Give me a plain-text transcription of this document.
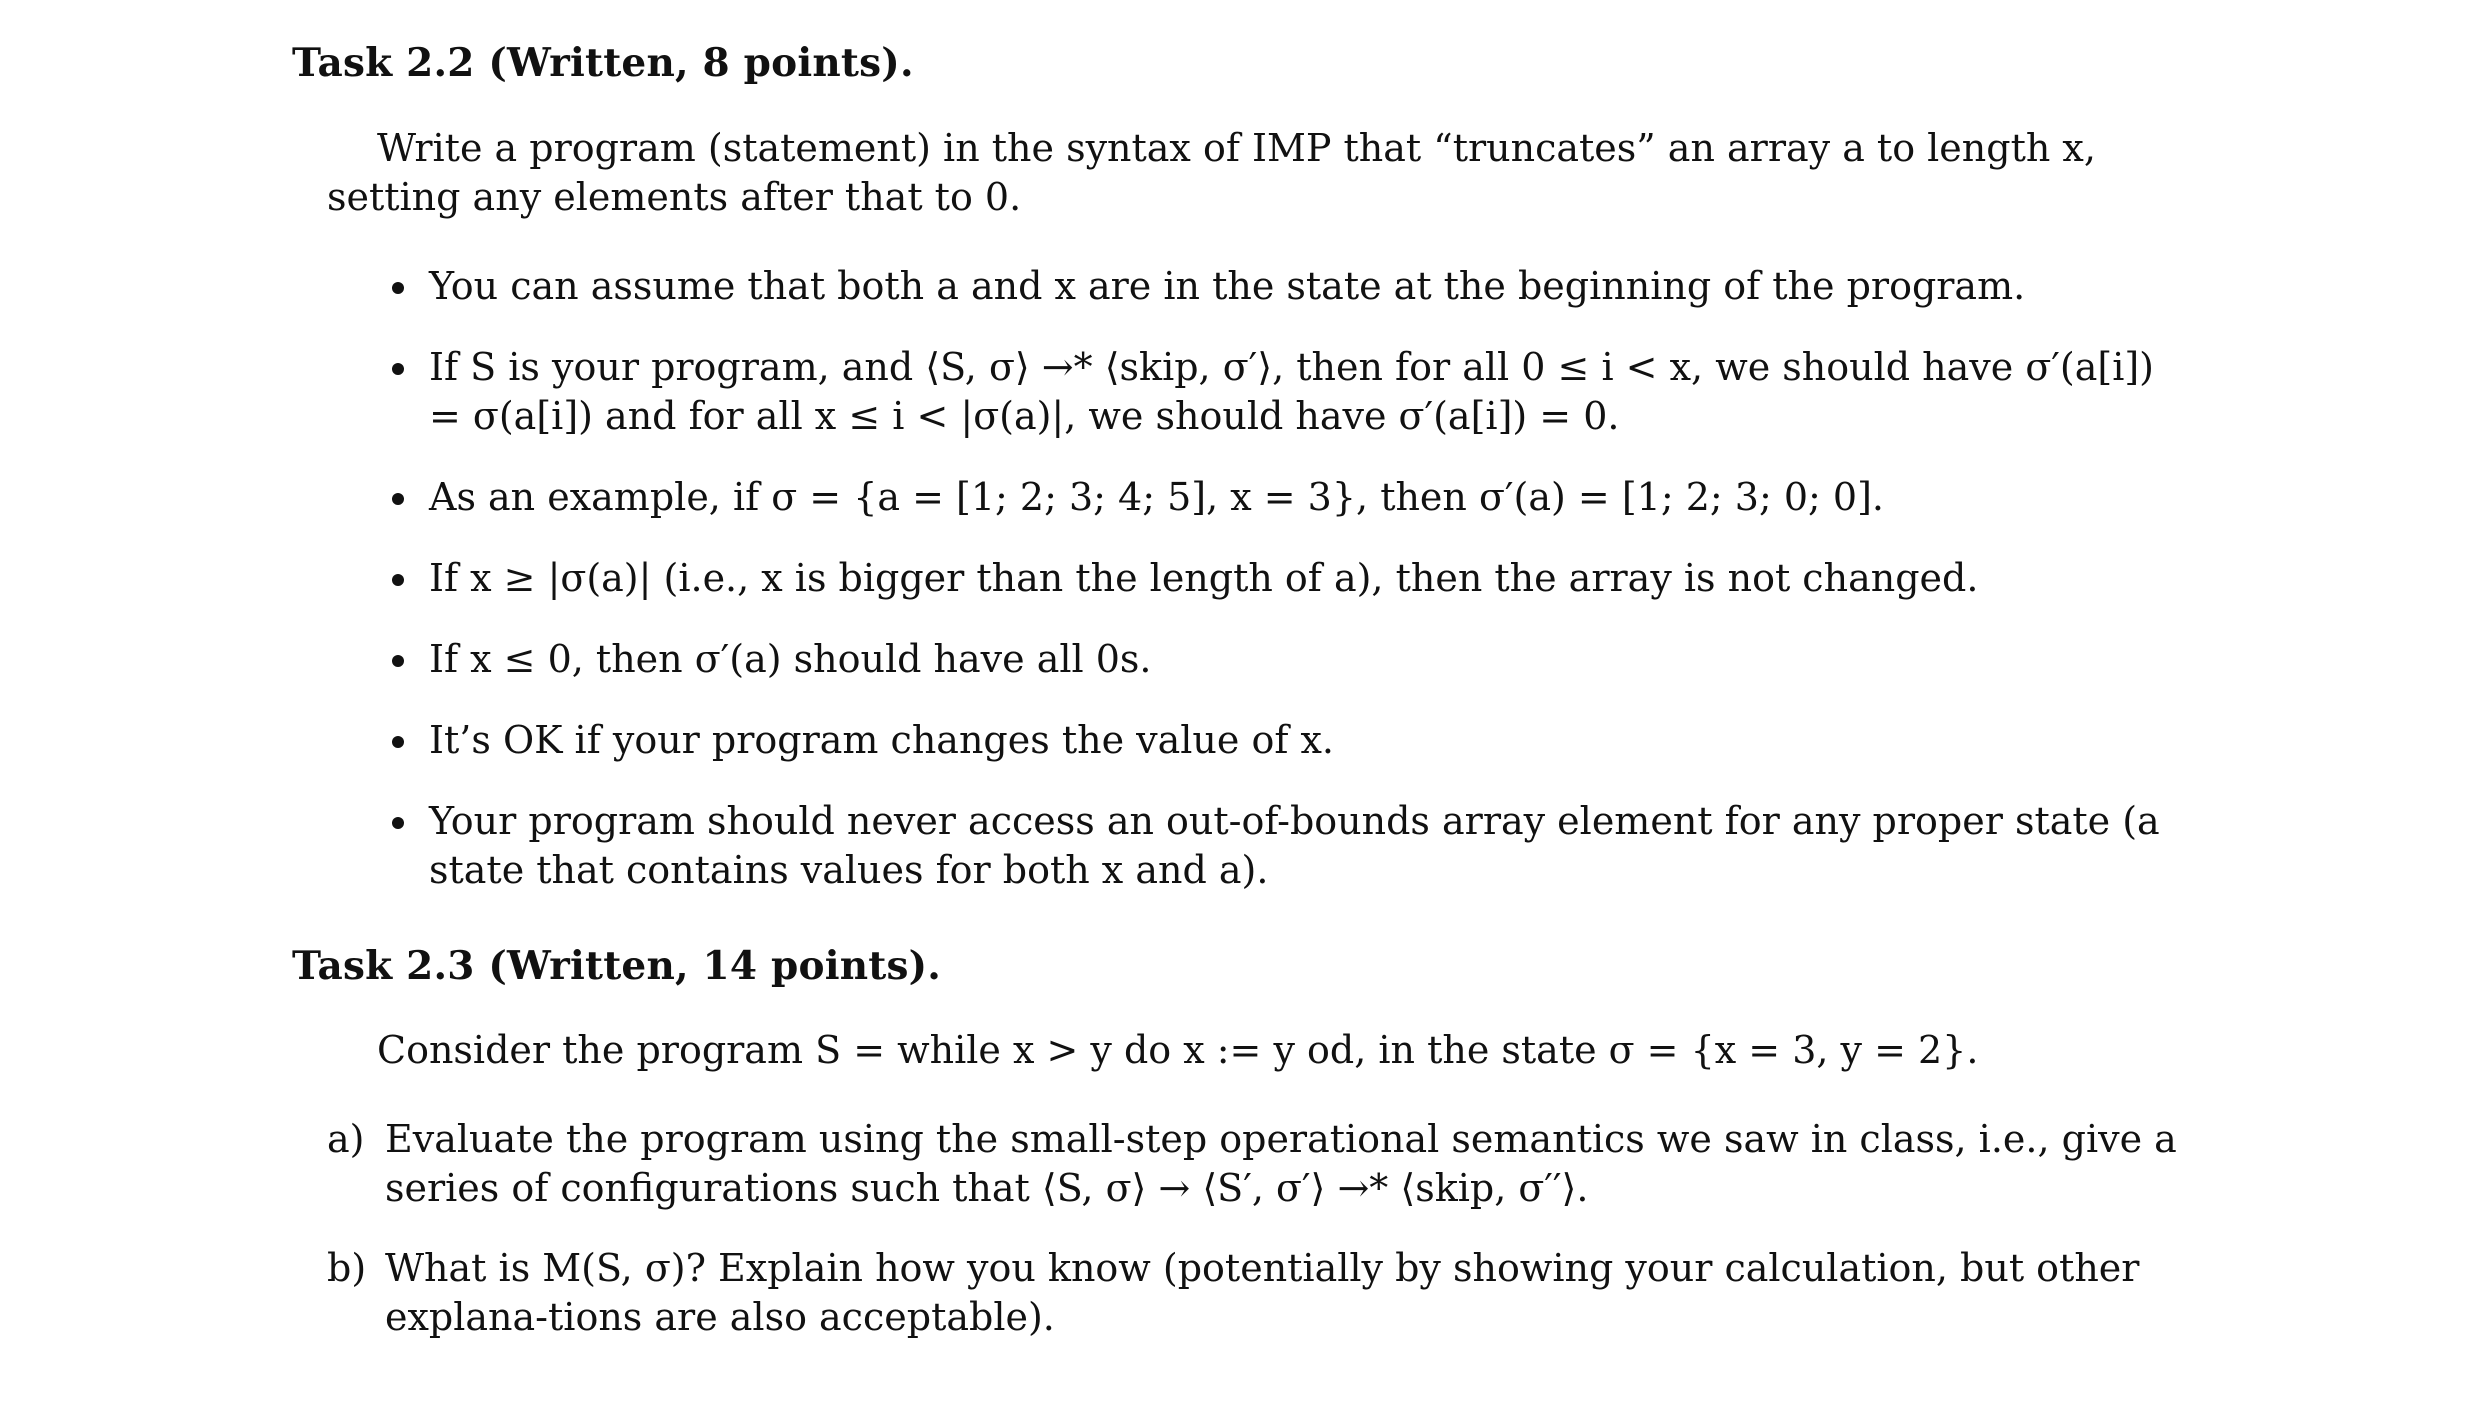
Task 2.2 (Written, 8 points).
Write a program (statement) in the syntax of IMP that “truncates” an array a to length x, setting any elements after that to 0.
You can assume that both a and x are in the state at the beginning of the program.
If S is your program, and ⟨S, σ⟩ →* ⟨skip, σ′⟩, then for all 0 ≤ i < x, we should have σ′(a[i]) = σ(a[i]) and for all x ≤ i < |σ(a)|, we should have σ′(a[i]) = 0.
As an example, if σ = {a = [1; 2; 3; 4; 5], x = 3}, then σ′(a) = [1; 2; 3; 0; 0].
If x ≥ |σ(a)| (i.e., x is bigger than the length of a), then the array is not changed.
If x ≤ 0, then σ′(a) should have all 0s.
It’s OK if your program changes the value of x.
Your program should never access an out-of-bounds array element for any proper state (a state that contains values for both x and a).
Task 2.3 (Written, 14 points).
Consider the program S = while x > y do x := y od, in the state σ = {x = 3, y = 2}.
a) Evaluate the program using the small-step operational semantics we saw in class, i.e., give a series of configurations such that ⟨S, σ⟩ → ⟨S′, σ′⟩ →* ⟨skip, σ′′⟩.
b) What is M(S, σ)? Explain how you know (potentially by showing your calculation, but other explana-tions are also acceptable).
